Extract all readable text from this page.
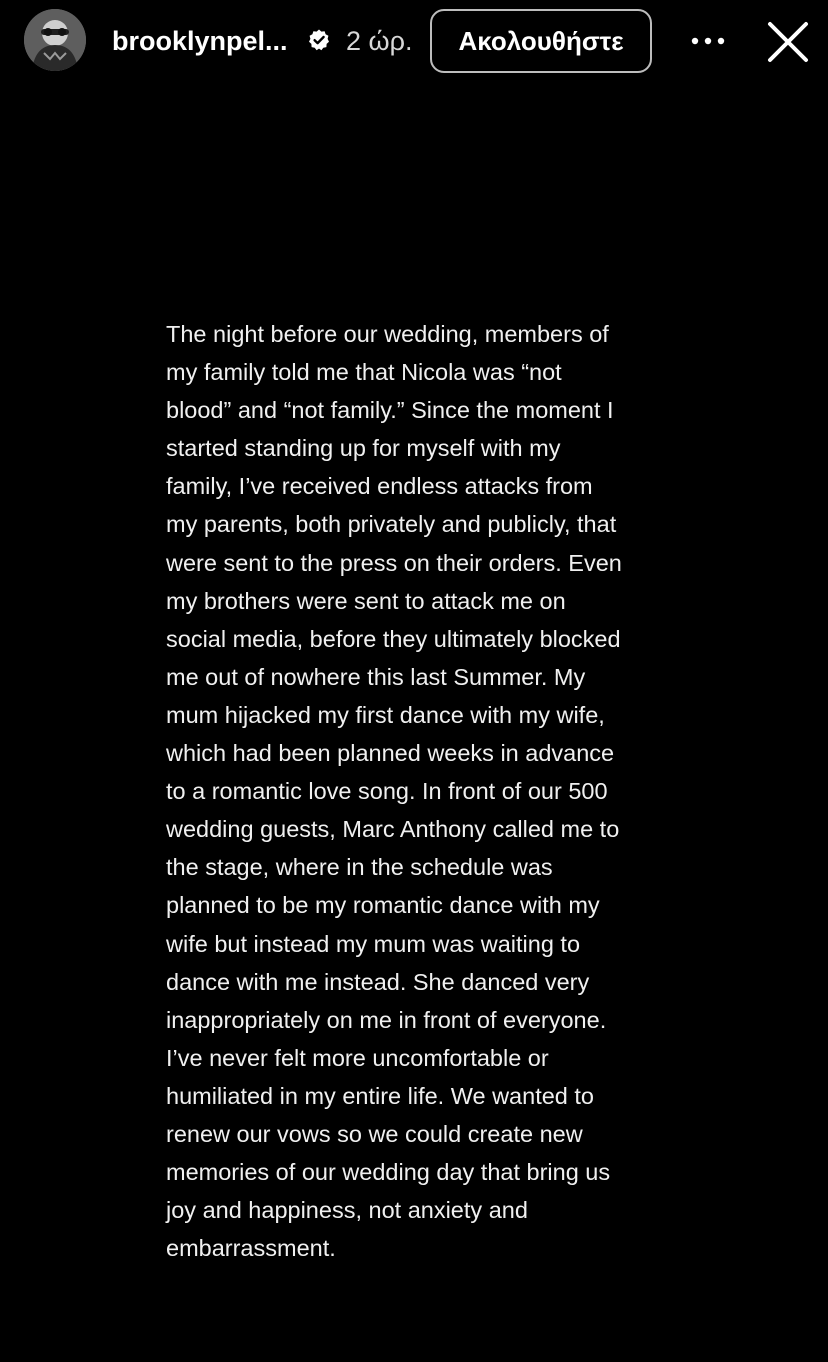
brooklynpel... 2 ώρ.	Ακολουθήστε

The night before our wedding, members of
my family told me that Nicola was “not
blood” and “not family.” Since the moment I
started standing up for myself with my
family, I’ve received endless attacks from
my parents, both privately and publicly, that
were sent to the press on their orders. Even
my brothers were sent to attack me on
social media, before they ultimately blocked
me out of nowhere this last Summer. My
mum hijacked my first dance with my wife,
which had been planned weeks in advance
to a romantic love song. In front of our 500
wedding guests, Marc Anthony called me to
the stage, where in the schedule was
planned to be my romantic dance with my
wife but instead my mum was waiting to
dance with me instead. She danced very
inappropriately on me in front of everyone.
I’ve never felt more uncomfortable or
humiliated in my entire life. We wanted to
renew our vows so we could create new
memories of our wedding day that bring us
joy and happiness, not anxiety and
embarrassment.
